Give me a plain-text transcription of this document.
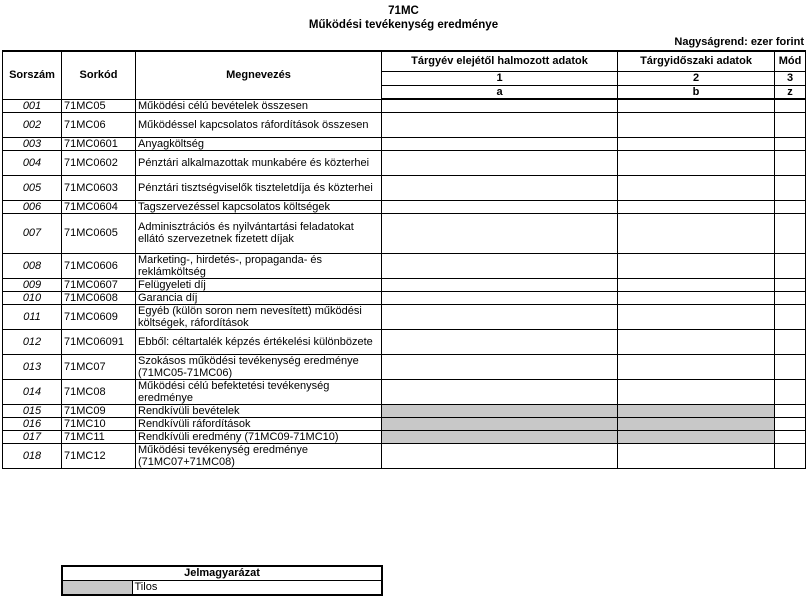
71MC
Működési tevékenység eredménye
Nagyságrend: ezer forint
Sorszám	Sorkód	Megnevezés	Tárgyév elejétől halmozott adatok	Tárgyidőszaki adatok	Mód
			1	2	3
			a	b	z
001	71MC05	Működési célú bevételek összesen			
002	71MC06	Működéssel kapcsolatos ráfordítások összesen			
003	71MC0601	Anyagköltség			
004	71MC0602	Pénztári alkalmazottak munkabére és közterhei			
005	71MC0603	Pénztári tisztségviselők tiszteletdíja és közterhei			
006	71MC0604	Tagszervezéssel kapcsolatos költségek			
007	71MC0605	Adminisztrációs és nyilvántartási feladatokat ellátó szervezetnek fizetett díjak			
008	71MC0606	Marketing-, hirdetés-, propaganda- és reklámköltség			
009	71MC0607	Felügyeleti díj			
010	71MC0608	Garancia díj			
011	71MC0609	Egyéb (külön soron nem nevesített) működési költségek, ráfordítások			
012	71MC06091	Ebből: céltartalék képzés értékelési különbözete			
013	71MC07	Szokásos működési tevékenység eredménye (71MC05-71MC06)			
014	71MC08	Működési célú befektetési tevékenység eredménye			
015	71MC09	Rendkívüli bevételek			
016	71MC10	Rendkívüli ráfordítások			
017	71MC11	Rendkívüli eredmény (71MC09-71MC10)			
018	71MC12	Működési tevékenység eredménye (71MC07+71MC08)			
Jelmagyarázat
	Tilos
